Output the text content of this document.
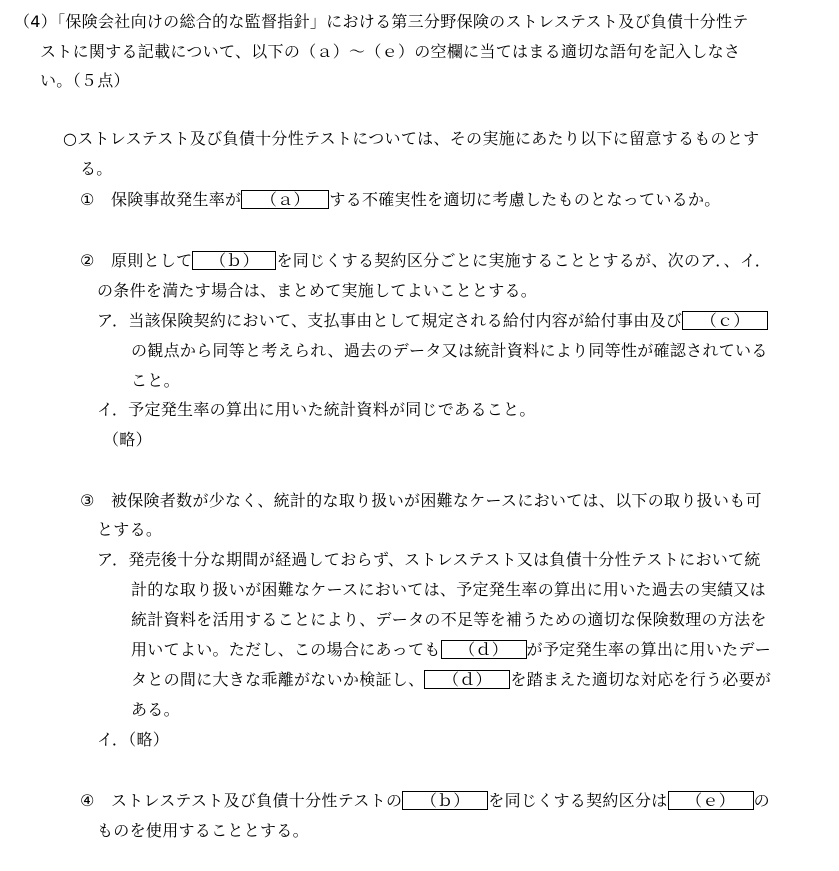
（4）「保険会社向けの総合的な監督指針」における第三分野保険のストレステスト及び負債十分性テ
ストに関する記載について、以下の（ａ）～（ｅ）の空欄に当てはまる適切な語句を記入しなさ
い。（５点）
○ストレステスト及び負債十分性テストについては、その実施にあたり以下に留意するものとす
る。
①　保険事故発生率が （ａ） する不確実性を適切に考慮したものとなっているか。
②　原則として （ｂ） を同じくする契約区分ごとに実施することとするが、次のア．、イ．
の条件を満たす場合は、まとめて実施してよいこととする。
ア．当該保険契約において、支払事由として規定される給付内容が給付事由及び （ｃ）
の観点から同等と考えられ、過去のデータ又は統計資料により同等性が確認されている
こと。
イ．予定発生率の算出に用いた統計資料が同じであること。
（略）
③　被保険者数が少なく、統計的な取り扱いが困難なケースにおいては、以下の取り扱いも可
とする。
ア．発売後十分な期間が経過しておらず、ストレステスト又は負債十分性テストにおいて統
計的な取り扱いが困難なケースにおいては、予定発生率の算出に用いた過去の実績又は
統計資料を活用することにより、データの不足等を補うための適切な保険数理の方法を
用いてよい。ただし、この場合にあっても （ｄ） が予定発生率の算出に用いたデー
タとの間に大きな乖離がないか検証し、 （ｄ） を踏まえた適切な対応を行う必要が
ある。
イ．（略）
④　ストレステスト及び負債十分性テストの （ｂ） を同じくする契約区分は （ｅ） の
ものを使用することとする。
